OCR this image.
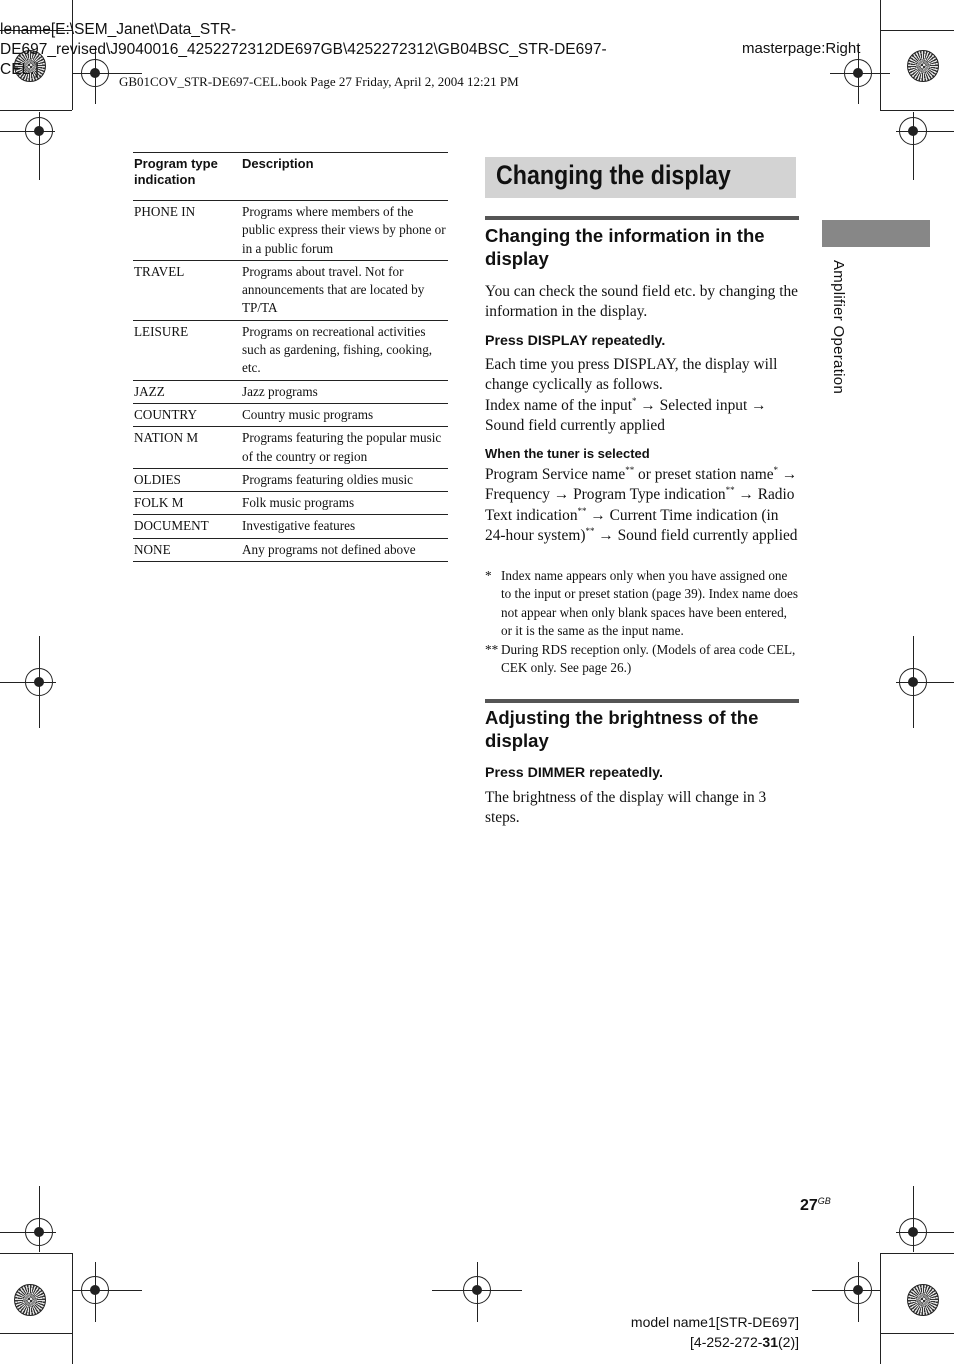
lename[E:\SEM_Janet\Data_STR-
DE697_revised\J9040016_4252272312DE697GB\4252272312\GB04BSC_STR-DE697-
CEL.]
masterpage:Right
GB01COV_STR-DE697-CEL.book Page 27 Friday, April 2, 2004 12:21 PM
Program type indication	Description
PHONE IN	Programs where members of the public express their views by phone or in a public forum
TRAVEL	Programs about travel. Not for announcements that are located by TP/TA
LEISURE	Programs on recreational activities such as gardening, fishing, cooking, etc.
JAZZ	Jazz programs
COUNTRY	Country music programs
NATION M	Programs featuring the popular music of the country or region
OLDIES	Programs featuring oldies music
FOLK M	Folk music programs
DOCUMENT	Investigative features
NONE	Any programs not defined above
Changing the display
Changing the information in the display
You can check the sound field etc. by changing the information in the display.
Press DISPLAY repeatedly.
Each time you press DISPLAY, the display will change cyclically as follows.
Index name of the input* → Selected input → Sound field currently applied
When the tuner is selected
Program Service name** or preset station name* → Frequency → Program Type indication** → Radio Text indication** → Current Time indication (in 24-hour system)** → Sound field currently applied
* Index name appears only when you have assigned one to the input or preset station (page 39). Index name does not appear when only blank spaces have been entered, or it is the same as the input name.
** During RDS reception only. (Models of area code CEL, CEK only. See page 26.)
Adjusting the brightness of the display
Press DIMMER repeatedly.
The brightness of the display will change in 3 steps.
Amplifier Operation
$27^{GB}$
model name1[STR-DE697]
[4-252-272-31(2)]
